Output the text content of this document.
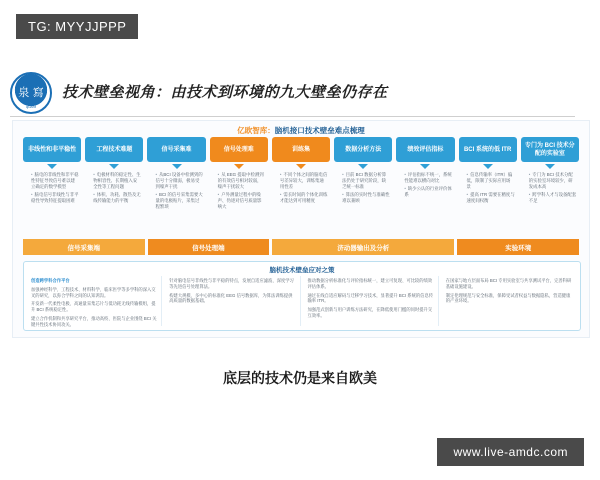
TG: MYYJJPPP
泉 寫
quant
技术壁垒视角：由技术到环境的九大壁垒仍存在
亿欧智库：脑机接口技术壁垒难点梳理
非线性和非平稳性
• 脑电的非线性和非平稳性特征导致信号难以建立确定的数学模型
• 脑电信号非线性与非平稳性导致特征提取困难
工程技术难题
• 电极材料的稳定性、生物相容性、长期植入安全性等工程问题
• 体积、功耗、散热及无线传输能力的平衡
信号采集难
• 从BCI 设备中检测到的信号十分微弱，极易受到噪声干扰
• BCI 的信号采集需要大量的电极贴片，采集过程繁琐
信号处理难
• 从 EEG 提取中检测到的有效信号相对较弱，噪声干扰较大
• 户外测量过程中的噪声、伪迹对信号质量影响大
训练集
• 不同个体之间的脑电信号差异较大，训练集通用性差
• 需长时间的个体化训练才能达到可用精度
数据分析方法
• 目前 BCI 数据分析算法仍处于研究阶段，缺乏统一标准
• 算法的实时性与准确性难以兼顾
绩效评估指标
• 评估指标不统一，系统性能难以横向对比
• 缺少公认的行业评价体系
BCI 系统的低 ITR
• 信息传输率（ITR）偏低，限制了实际应用场景
• 提高 ITR 需要在精度与速度间权衡
专门为 BCI 技术分配的实验室
• 专门为 BCI 技术分配的实验室环境较少，研发成本高
• 跨学科人才与设备配套不足
信号采集端	信号处理端	济动器输出及分析	实验环境
脑机技术壁垒应对之策

创造跨学科合作平台

加强神经科学、工程技术、材料科学、临床医学等多学科的深入交叉的研究，以弥合学科之间的认知鸿沟。

开发新一代柔性电极、高通量采集芯片与低功耗无线传输模组，提升 BCI 系统稳定性。

建立合作机制和共享研究平台，推动高校、医院与企业围绕 BCI 关键共性技术协同攻关。

针对脑电信号非线性与非平稳的特点，发展自适应滤波、深度学习等先进信号处理算法。

构建大规模、多中心的标准化 EEG 信号数据库，为算法训练提供高质量的数据基础。

推动数据分析标准化与评价指标统一，建立可复现、可比较的绩效评估体系。

通过在线自适应解码与迁移学习技术，显著提升 BCI 系统的信息传输率 ITR。

加强范式创新与用户训练方法研究，在降低使用门槛的同时提升交互效率。

在国家与地方层面布局 BCI 专用实验室与共享测试平台，完善科研基础设施建设。

制定伦理规范与安全标准，保障受试者权益与数据隐私，营造健康的产业环境。

底层的技术仍是来自欧美
www.live-amdc.com
